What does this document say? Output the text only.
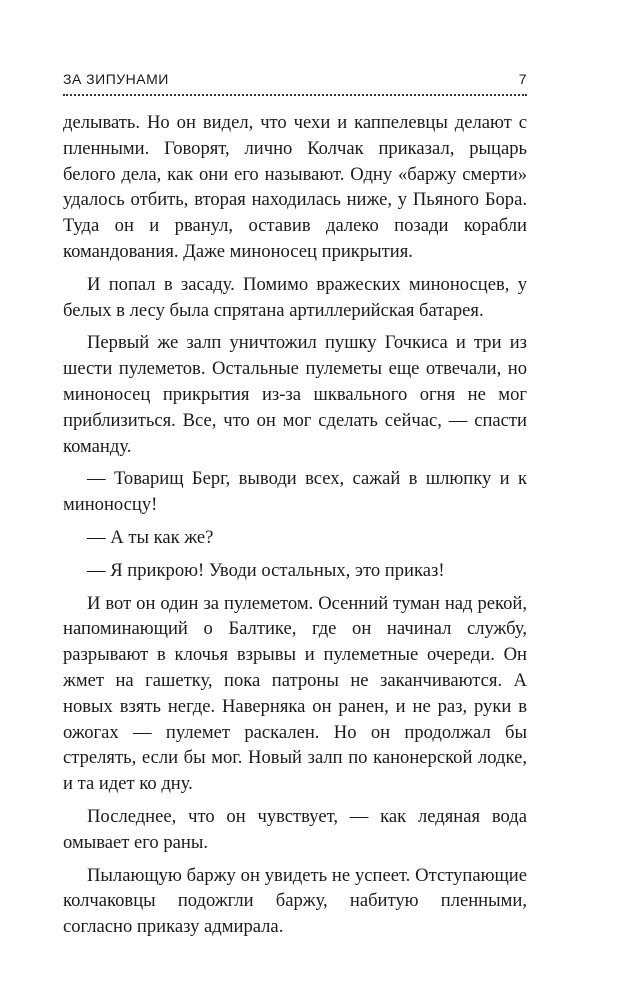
ЗА ЗИПУНАМИ	7

делывать. Но он видел, что чехи и каппелевцы делают с пленными. Говорят, лично Колчак приказал, рыцарь белого дела, как они его называют. Одну «баржу смерти» удалось отбить, вторая находилась ниже, у Пьяного Бора. Туда он и рванул, оставив далеко позади корабли командования. Даже миноносец прикрытия.

И попал в засаду. Помимо вражеских миноносцев, у белых в лесу была спрятана артиллерийская батарея.

Первый же залп уничтожил пушку Гочкиса и три из шести пулеметов. Остальные пулеметы еще отвечали, но миноносец прикрытия из-за шквального огня не мог приблизиться. Все, что он мог сделать сейчас, — спасти команду.

— Товарищ Берг, выводи всех, сажай в шлюпку и к миноносцу!

— А ты как же?

— Я прикрою! Уводи остальных, это приказ!

И вот он один за пулеметом. Осенний туман над рекой, напоминающий о Балтике, где он начинал службу, разрывают в клочья взрывы и пулеметные очереди. Он жмет на гашетку, пока патроны не заканчиваются. А новых взять негде. Наверняка он ранен, и не раз, руки в ожогах — пулемет раскален. Но он продолжал бы стрелять, если бы мог. Новый залп по канонерской лодке, и та идет ко дну.

Последнее, что он чувствует, — как ледяная вода омывает его раны.

Пылающую баржу он увидеть не успеет. Отступающие колчаковцы подожгли баржу, набитую пленными, согласно приказу адмирала.
